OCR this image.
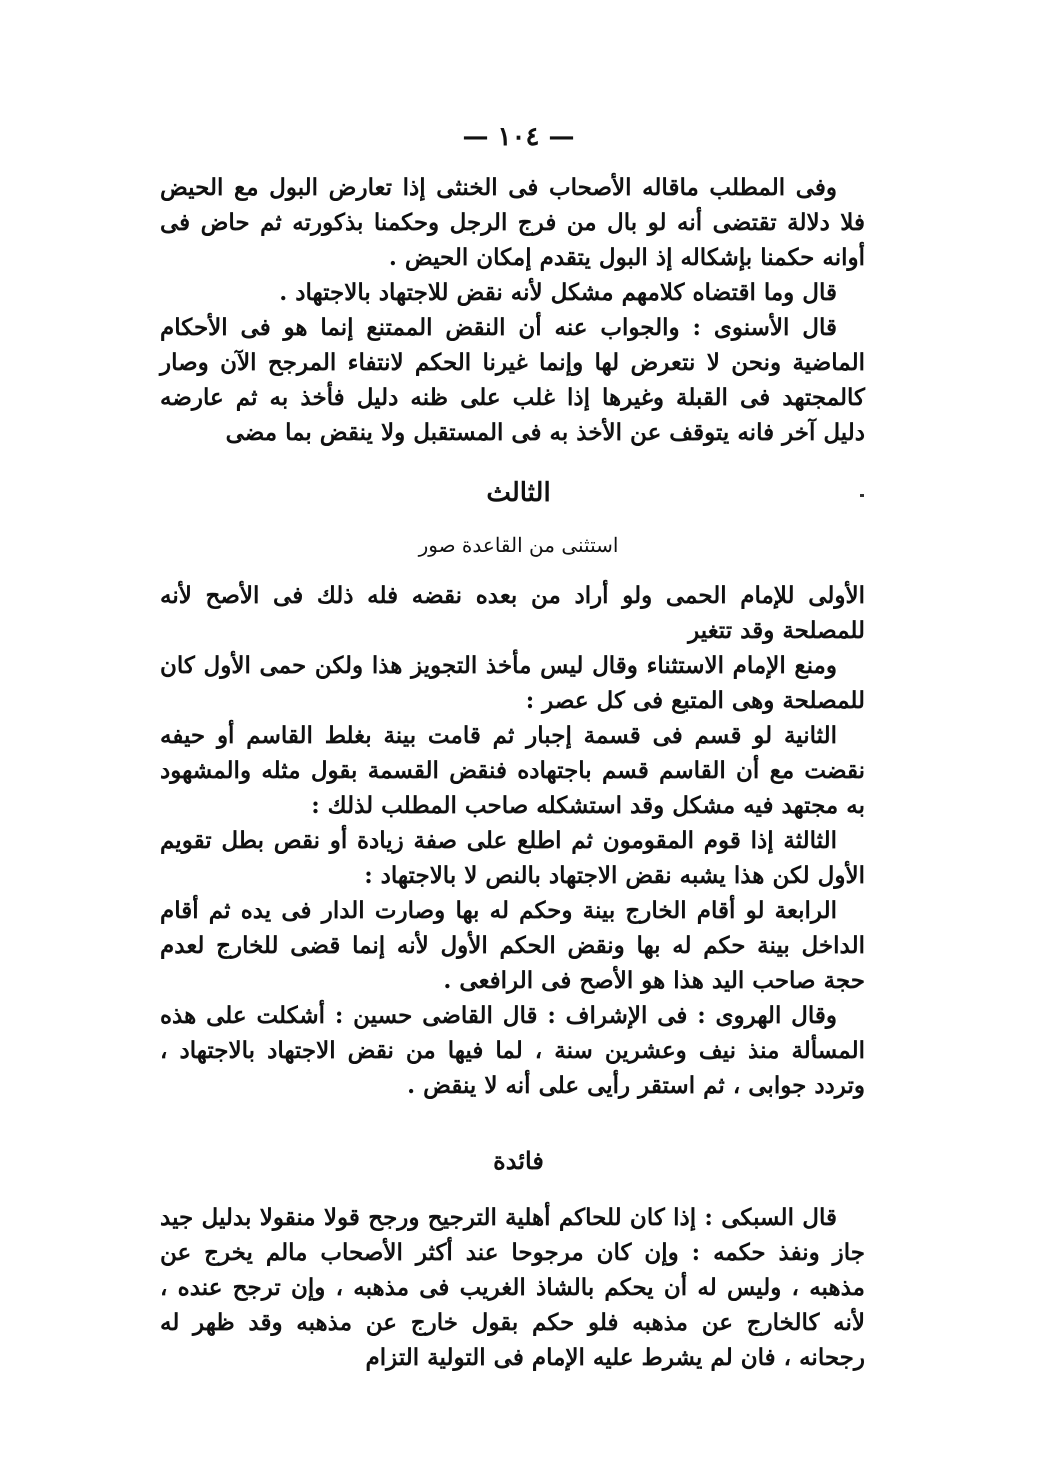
— ١٠٤ —

وفى المطلب ماقاله الأصحاب فى الخنثى إذا تعارض البول مع الحيض فلا دلالة تقتضى أنه لو بال من فرج الرجل وحكمنا بذكورته ثم حاض فى أوانه حكمنا بإشكاله إذ البول يتقدم إمكان الحيض .

قال وما اقتضاه كلامهم مشكل لأنه نقض للاجتهاد بالاجتهاد .

قال الأسنوى : والجواب عنه أن النقض الممتنع إنما هو فى الأحكام الماضية ونحن لا نتعرض لها وإنما غيرنا الحكم لانتفاء المرجح الآن وصار كالمجتهد فى القبلة وغيرها إذا غلب على ظنه دليل فأخذ به ثم عارضه دليل آخر فانه يتوقف عن الأخذ به فى المستقبل ولا ينقض بما مضى

الثالث
استثنى من القاعدة صور

الأولى للإمام الحمى ولو أراد من بعده نقضه فله ذلك فى الأصح لأنه للمصلحة وقد تتغير

ومنع الإمام الاستثناء وقال ليس مأخذ التجويز هذا ولكن حمى الأول كان للمصلحة وهى المتبع فى كل عصر :

الثانية لو قسم فى قسمة إجبار ثم قامت بينة بغلط القاسم أو حيفه نقضت مع أن القاسم قسم باجتهاده فنقض القسمة بقول مثله والمشهود به مجتهد فيه مشكل وقد استشكله صاحب المطلب لذلك :

الثالثة إذا قوم المقومون ثم اطلع على صفة زيادة أو نقص بطل تقويم الأول لكن هذا يشبه نقض الاجتهاد بالنص لا بالاجتهاد :

الرابعة لو أقام الخارج بينة وحكم له بها وصارت الدار فى يده ثم أقام الداخل بينة حكم له بها ونقض الحكم الأول لأنه إنما قضى للخارج لعدم حجة صاحب اليد هذا هو الأصح فى الرافعى .

وقال الهروى : فى الإشراف : قال القاضى حسين : أشكلت على هذه المسألة منذ نيف وعشرين سنة ، لما فيها من نقض الاجتهاد بالاجتهاد ، وتردد جوابى ، ثم استقر رأيى على أنه لا ينقض .

فائدة

قال السبكى : إذا كان للحاكم أهلية الترجيح ورجح قولا منقولا بدليل جيد جاز ونفذ حكمه : وإن كان مرجوحا عند أكثر الأصحاب مالم يخرج عن مذهبه ، وليس له أن يحكم بالشاذ الغريب فى مذهبه ، وإن ترجح عنده ، لأنه كالخارج عن مذهبه فلو حكم بقول خارج عن مذهبه وقد ظهر له رجحانه ، فان لم يشرط عليه الإمام فى التولية التزام
